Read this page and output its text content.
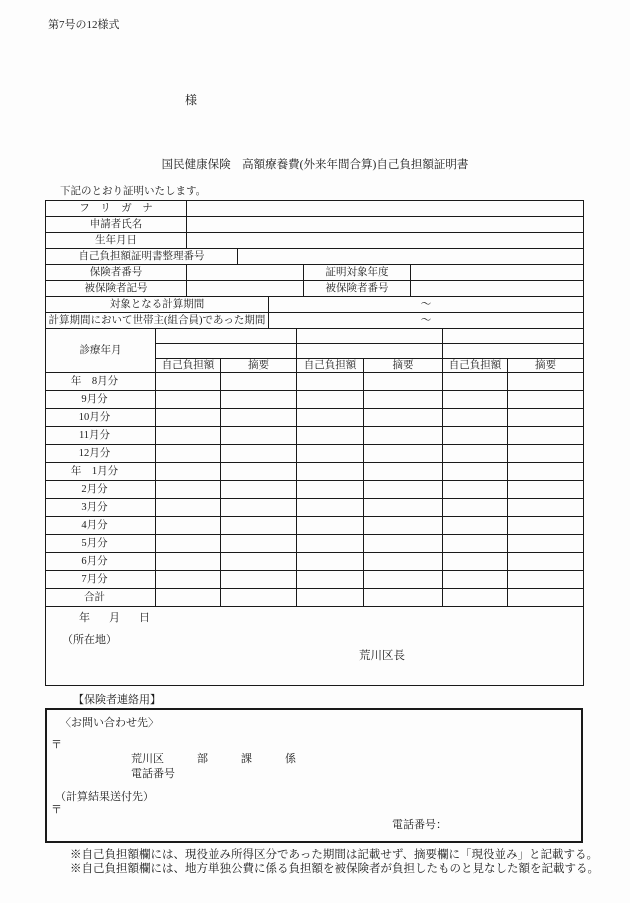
第7号の12様式
様
国民健康保険　高額療養費(外来年間合算)自己負担額証明書
下記のとおり証明いたします。
フ　リ　ガ　ナ											
申請者氏名											
生年月日											
自己負担額証明書整理番号											
保険者番号							証明対象年度				
被保険者記号							被保険者番号				
対象となる計算期間					～						
計算期間において世帯主(組合員)であった期間					～						
診療年月											

	自己負担額		摘要			自己負担額		摘要		自己負担額	摘要
年　8月分											
9月分											
10月分											
11月分											
12月分											
年　1月分											
2月分											
3月分											
4月分											
5月分											
6月分											
7月分											
合計											

年　月　日
（所在地）
荒川区長											
【保険者連絡用】
〈お問い合わせ先〉
〒
荒川区　　　部　　　課　　　係
電話番号
（計算結果送付先）
〒
電話番号：
※自己負担額欄には、現役並み所得区分であった期間は記載せず、摘要欄に「現役並み」と記載する。
※自己負担額欄には、地方単独公費に係る負担額を被保険者が負担したものと見なした額を記載する。
